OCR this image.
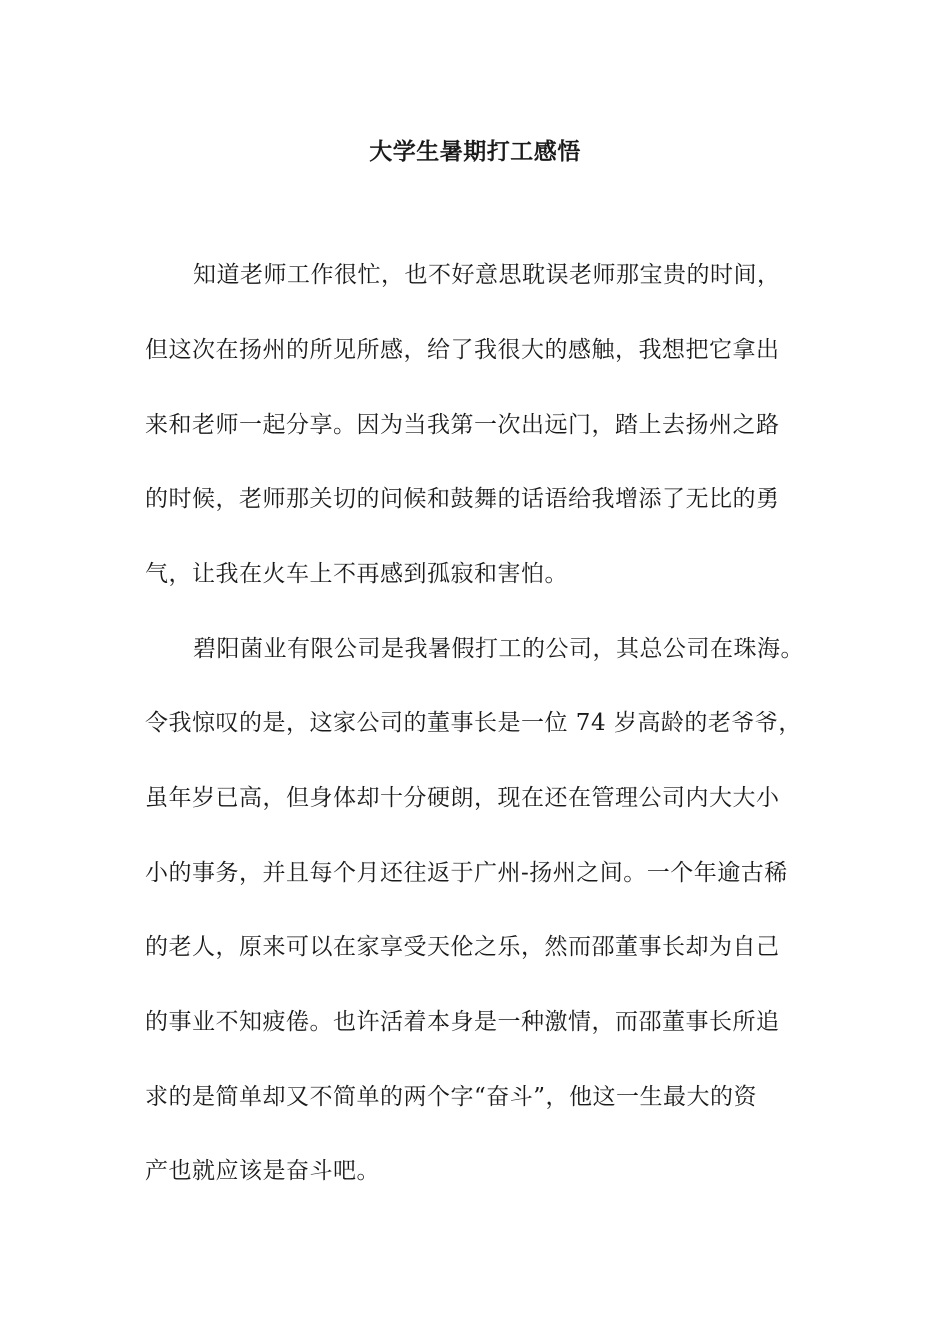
大学生暑期打工感悟
知道老师工作很忙，也不好意思耽误老师那宝贵的时间，
但这次在扬州的所见所感，给了我很大的感触，我想把它拿出
来和老师一起分享。因为当我第一次出远门，踏上去扬州之路
的时候，老师那关切的问候和鼓舞的话语给我增添了无比的勇
气，让我在火车上不再感到孤寂和害怕。
碧阳菌业有限公司是我暑假打工的公司，其总公司在珠海。
令我惊叹的是，这家公司的董事长是一位 74 岁高龄的老爷爷，
虽年岁已高，但身体却十分硬朗，现在还在管理公司内大大小
小的事务，并且每个月还往返于广州-扬州之间。一个年逾古稀
的老人，原来可以在家享受天伦之乐，然而邵董事长却为自己
的事业不知疲倦。也许活着本身是一种激情，而邵董事长所追
求的是简单却又不简单的两个字“奋斗”，他这一生最大的资
产也就应该是奋斗吧。
